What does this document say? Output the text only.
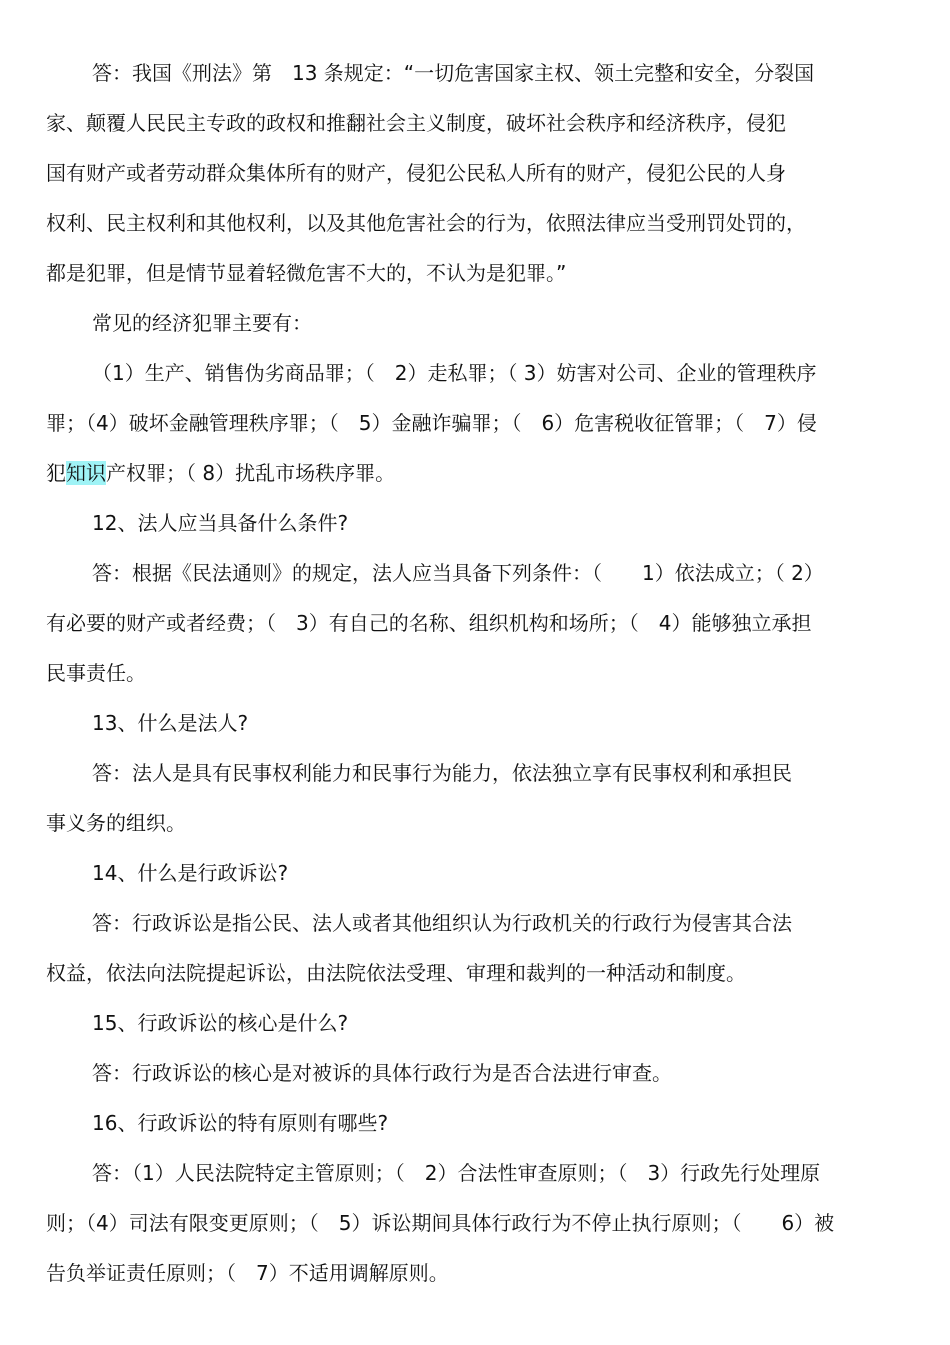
答：我国《刑法》第　13 条规定：“一切危害国家主权、领土完整和安全，分裂国
家、颠覆人民民主专政的政权和推翻社会主义制度，破坏社会秩序和经济秩序，侵犯
国有财产或者劳动群众集体所有的财产，侵犯公民私人所有的财产，侵犯公民的人身
权利、民主权利和其他权利，以及其他危害社会的行为，依照法律应当受刑罚处罚的，
都是犯罪，但是情节显着轻微危害不大的，不认为是犯罪。”
常见的经济犯罪主要有：
（1）生产、销售伪劣商品罪；（　2）走私罪；（ 3）妨害对公司、企业的管理秩序
罪；（4）破坏金融管理秩序罪；（　5）金融诈骗罪；（　6）危害税收征管罪；（　7）侵
犯知识产权罪；（ 8）扰乱市场秩序罪。
12、法人应当具备什么条件?
答：根据《民法通则》的规定，法人应当具备下列条件：（　　1）依法成立；（ 2）
有必要的财产或者经费；（　3）有自己的名称、组织机构和场所；（　4）能够独立承担
民事责任。
13、什么是法人?
答：法人是具有民事权利能力和民事行为能力，依法独立享有民事权利和承担民
事义务的组织。
14、什么是行政诉讼?
答：行政诉讼是指公民、法人或者其他组织认为行政机关的行政行为侵害其合法
权益，依法向法院提起诉讼，由法院依法受理、审理和裁判的一种活动和制度。
15、行政诉讼的核心是什么?
答：行政诉讼的核心是对被诉的具体行政行为是否合法进行审查。
16、行政诉讼的特有原则有哪些?
答：（1）人民法院特定主管原则；（　2）合法性审查原则；（　3）行政先行处理原
则；（4）司法有限变更原则；（　5）诉讼期间具体行政行为不停止执行原则；（　　6）被
告负举证责任原则；（　7）不适用调解原则。
